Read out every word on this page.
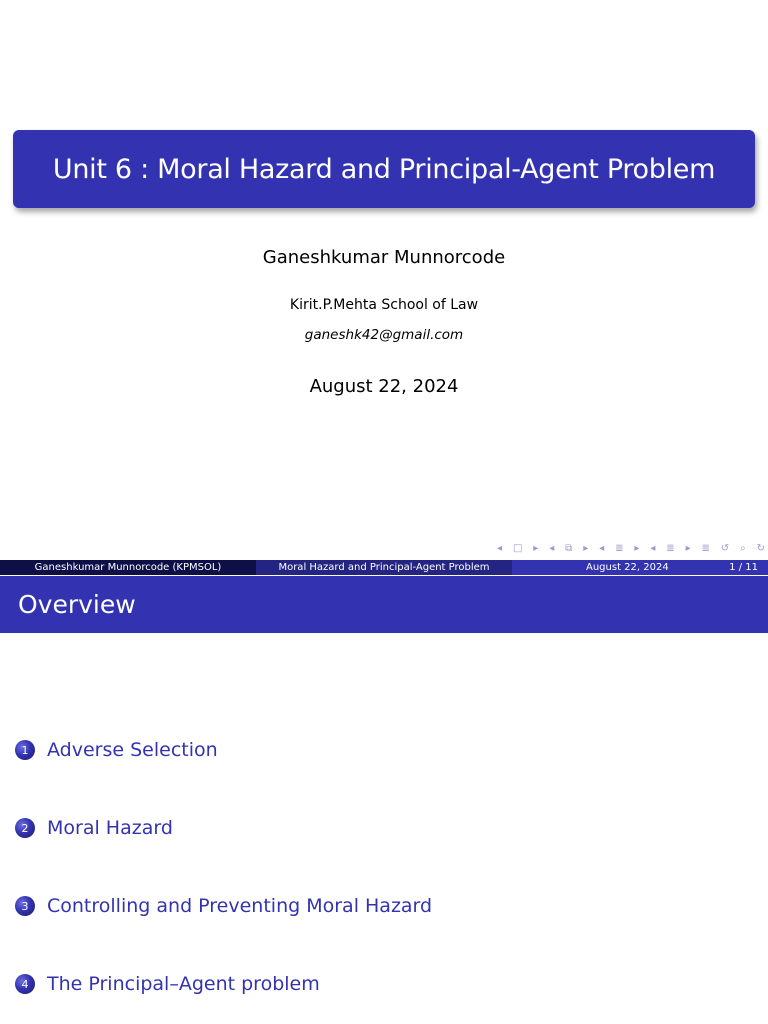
Unit 6 : Moral Hazard and Principal-Agent Problem
Ganeshkumar Munnorcode
Kirit.P.Mehta School of Law
ganeshk42@gmail.com
August 22, 2024
◂ □ ▸ ◂ ⧉ ▸ ◂ ≣ ▸ ◂ ≣ ▸ ≣ ↺ ⌕ ↻
Ganeshkumar Munnorcode (KPMSOL)	Moral Hazard and Principal-Agent Problem	August 22, 2024	1 / 11
Overview
1 Adverse Selection
2 Moral Hazard
3 Controlling and Preventing Moral Hazard
4 The Principal–Agent problem
